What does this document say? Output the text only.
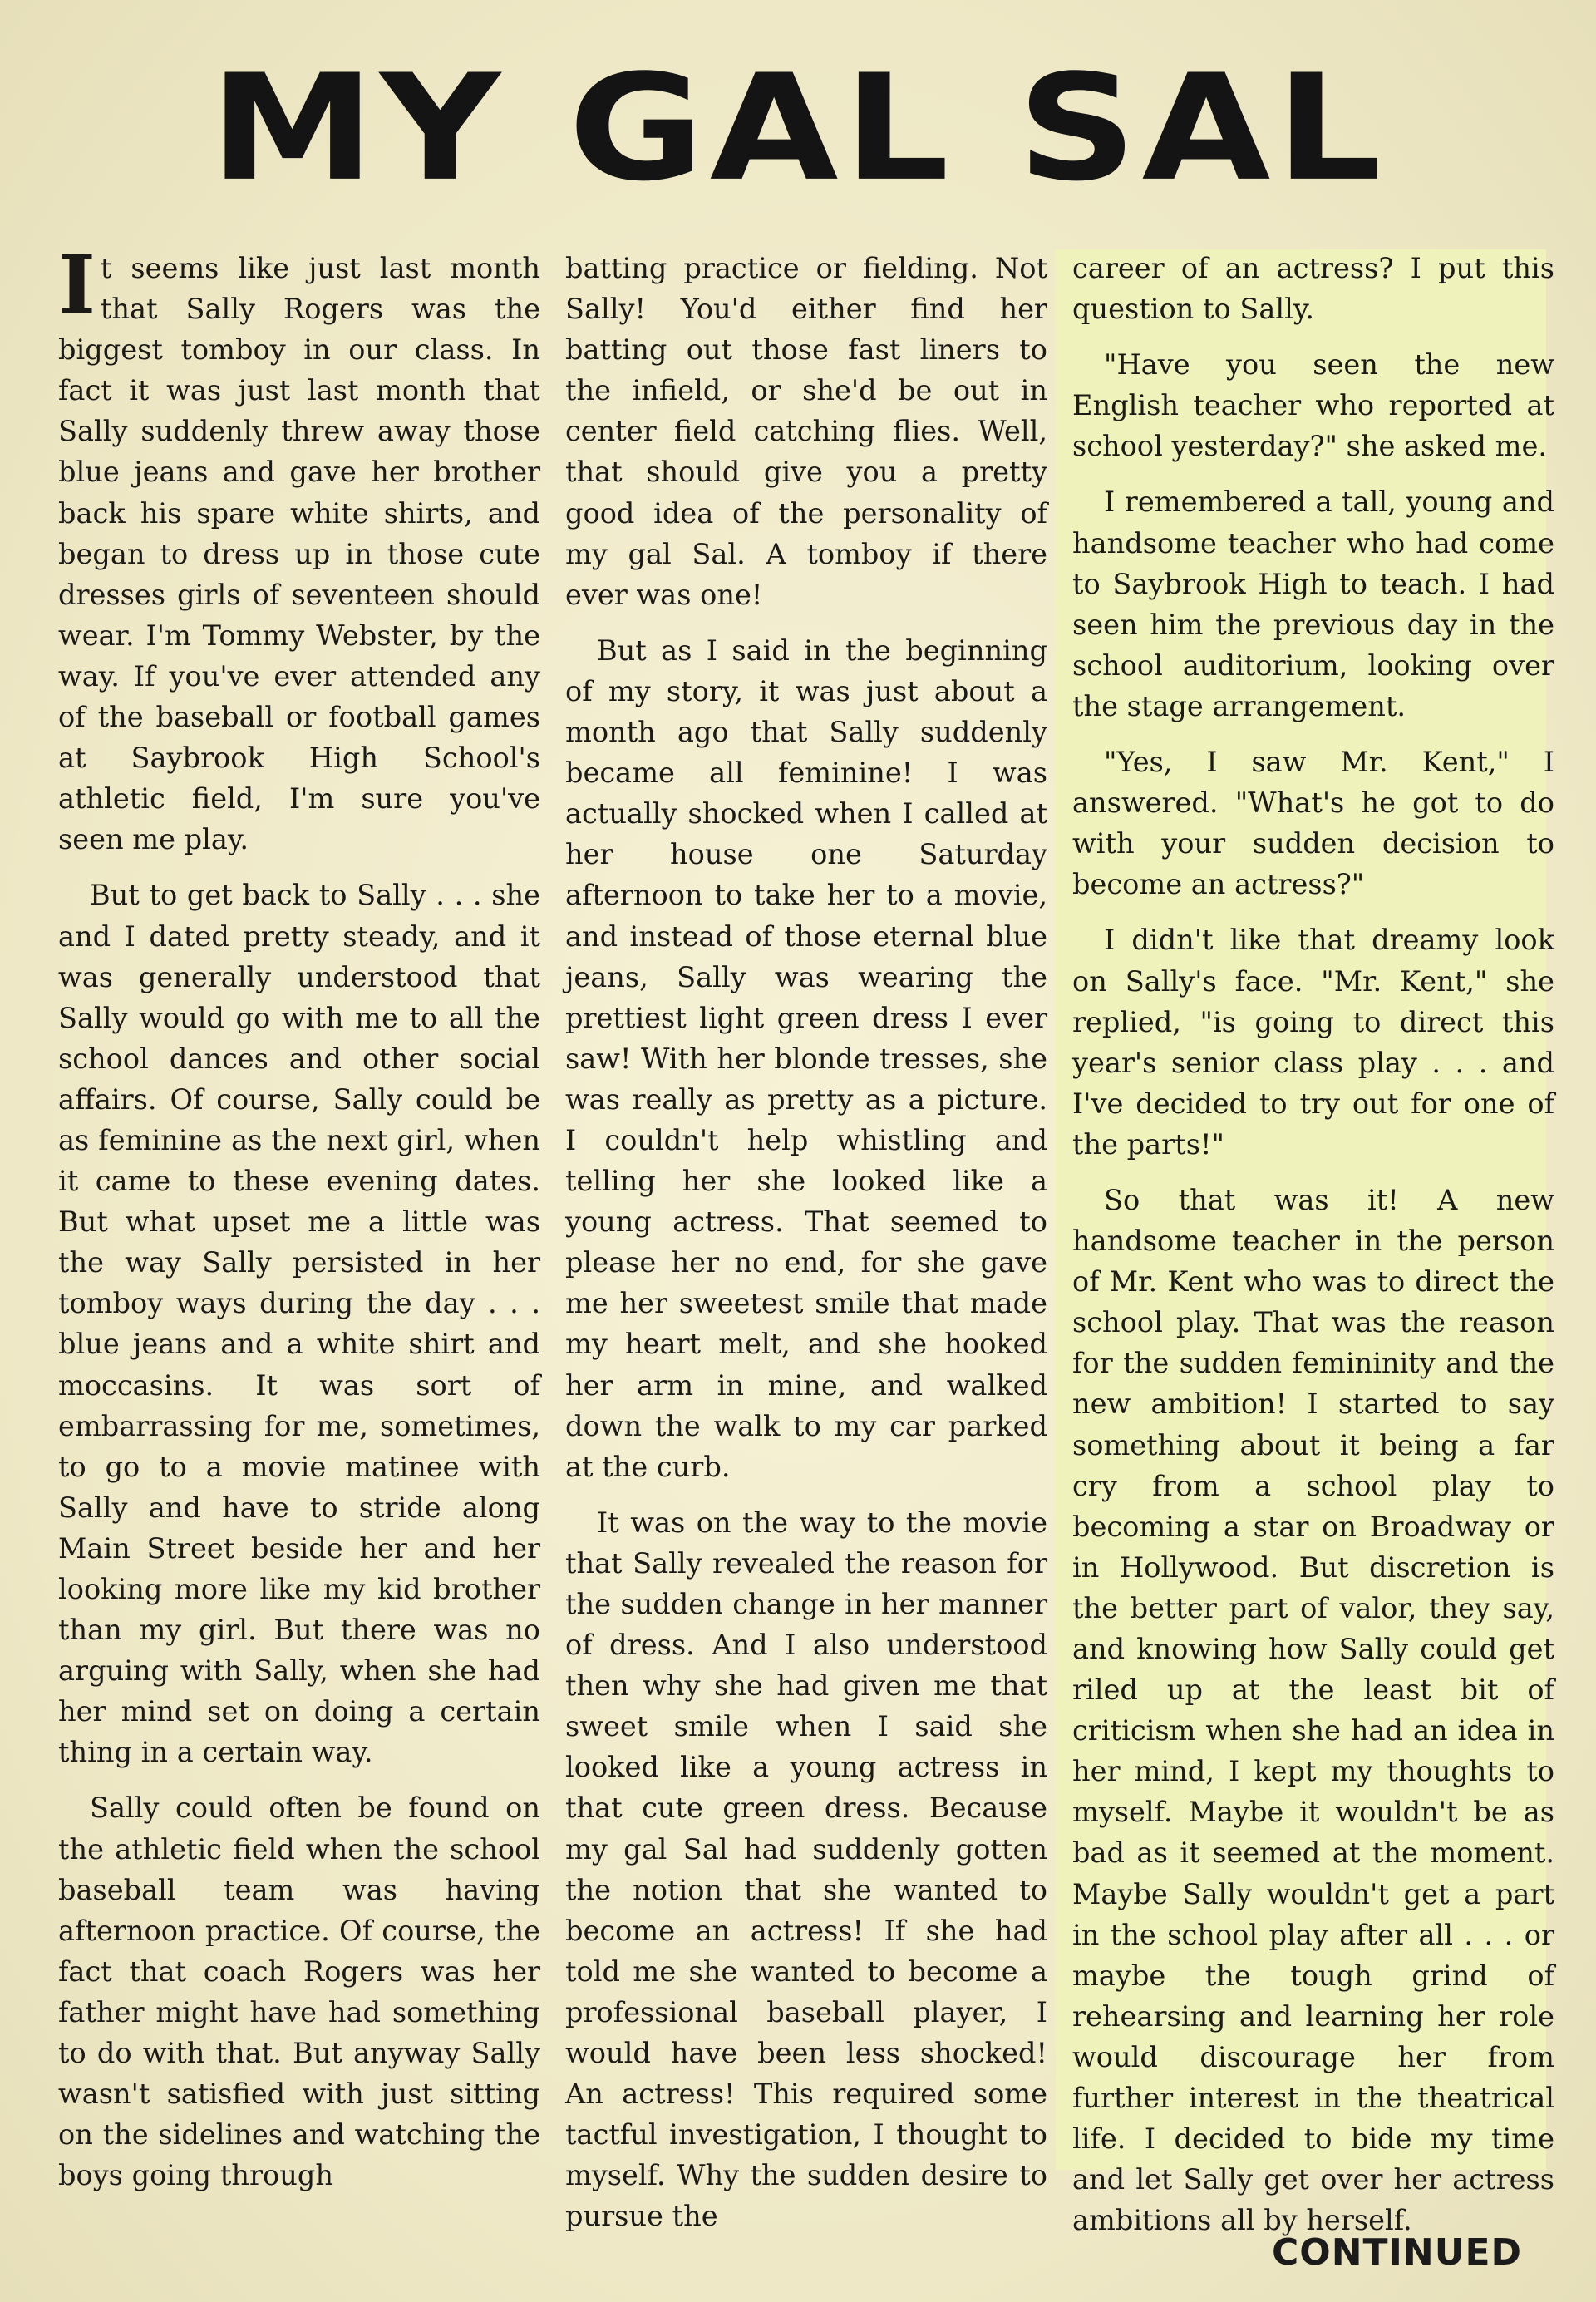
MY GAL SAL

It seems like just last month that Sally Rogers was the biggest tomboy in our class. In fact it was just last month that Sally suddenly threw away those blue jeans and gave her brother back his spare white shirts, and began to dress up in those cute dresses girls of seventeen should wear. I'm Tommy Webster, by the way. If you've ever attended any of the baseball or football games at Saybrook High School's athletic field, I'm sure you've seen me play.

But to get back to Sally . . . she and I dated pretty steady, and it was generally understood that Sally would go with me to all the school dances and other social affairs. Of course, Sally could be as feminine as the next girl, when it came to these evening dates. But what upset me a little was the way Sally persisted in her tomboy ways during the day . . . blue jeans and a white shirt and moccasins. It was sort of embarrassing for me, sometimes, to go to a movie matinee with Sally and have to stride along Main Street beside her and her looking more like my kid brother than my girl. But there was no arguing with Sally, when she had her mind set on doing a certain thing in a certain way.

Sally could often be found on the athletic field when the school baseball team was having afternoon practice. Of course, the fact that coach Rogers was her father might have had something to do with that. But anyway Sally wasn't satisfied with just sitting on the sidelines and watching the boys going through

batting practice or fielding. Not Sally! You'd either find her batting out those fast liners to the infield, or she'd be out in center field catching flies. Well, that should give you a pretty good idea of the personality of my gal Sal. A tomboy if there ever was one!

But as I said in the beginning of my story, it was just about a month ago that Sally suddenly became all feminine! I was actually shocked when I called at her house one Saturday afternoon to take her to a movie, and instead of those eternal blue jeans, Sally was wearing the prettiest light green dress I ever saw! With her blonde tresses, she was really as pretty as a picture. I couldn't help whistling and telling her she looked like a young actress. That seemed to please her no end, for she gave me her sweetest smile that made my heart melt, and she hooked her arm in mine, and walked down the walk to my car parked at the curb.

It was on the way to the movie that Sally revealed the reason for the sudden change in her manner of dress. And I also understood then why she had given me that sweet smile when I said she looked like a young actress in that cute green dress. Because my gal Sal had suddenly gotten the notion that she wanted to become an actress! If she had told me she wanted to become a professional baseball player, I would have been less shocked! An actress! This required some tactful investigation, I thought to myself. Why the sudden desire to pursue the

career of an actress? I put this question to Sally.

"Have you seen the new English teacher who reported at school yesterday?" she asked me.

I remembered a tall, young and handsome teacher who had come to Saybrook High to teach. I had seen him the previous day in the school auditorium, looking over the stage arrangement.

"Yes, I saw Mr. Kent," I answered. "What's he got to do with your sudden decision to become an actress?"

I didn't like that dreamy look on Sally's face. "Mr. Kent," she replied, "is going to direct this year's senior class play . . . and I've decided to try out for one of the parts!"

So that was it! A new handsome teacher in the person of Mr. Kent who was to direct the school play. That was the reason for the sudden femininity and the new ambition! I started to say something about it being a far cry from a school play to becoming a star on Broadway or in Hollywood. But discretion is the better part of valor, they say, and knowing how Sally could get riled up at the least bit of criticism when she had an idea in her mind, I kept my thoughts to myself. Maybe it wouldn't be as bad as it seemed at the moment. Maybe Sally wouldn't get a part in the school play after all . . . or maybe the tough grind of rehearsing and learning her role would discourage her from further interest in the theatrical life. I decided to bide my time and let Sally get over her actress ambitions all by herself.

CONTINUED
